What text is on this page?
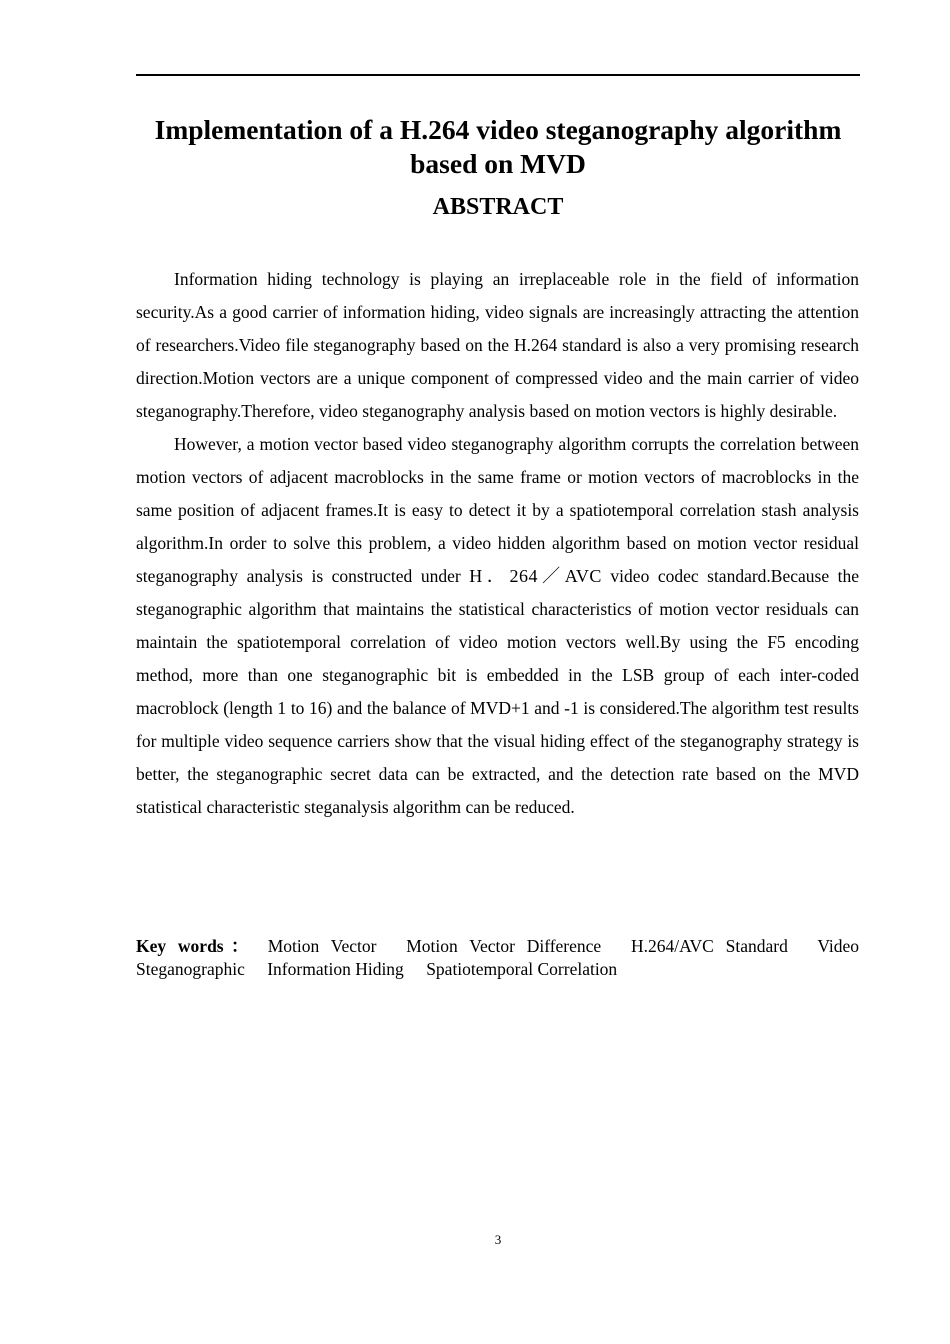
Implementation of a H.264 video steganography algorithm based on MVD
ABSTRACT

Information hiding technology is playing an irreplaceable role in the field of information security.As a good carrier of information hiding, video signals are increasingly attracting the attention of researchers.Video file steganography based on the H.264 standard is also a very promising research direction.Motion vectors are a unique component of compressed video and the main carrier of video steganography.Therefore, video steganography analysis based on motion vectors is highly desirable.

However, a motion vector based video steganography algorithm corrupts the correlation between motion vectors of adjacent macroblocks in the same frame or motion vectors of macroblocks in the same position of adjacent frames.It is easy to detect it by a spatiotemporal correlation stash analysis algorithm.In order to solve this problem, a video hidden algorithm based on motion vector residual steganography analysis is constructed under H．264／AVC video codec standard.Because the steganographic algorithm that maintains the statistical characteristics of motion vector residuals can maintain the spatiotemporal correlation of video motion vectors well.By using the F5 encoding method, more than one steganographic bit is embedded in the LSB group of each inter-coded macroblock (length 1 to 16) and the balance of MVD+1 and -1 is considered.The algorithm test results for multiple video sequence carriers show that the visual hiding effect of the steganography strategy is better, the steganographic secret data can be extracted, and the detection rate based on the MVD statistical characteristic steganalysis algorithm can be reduced.

Key words： Motion Vector Motion Vector Difference H.264/AVC Standard Video Steganographic Information Hiding Spatiotemporal Correlation

3
